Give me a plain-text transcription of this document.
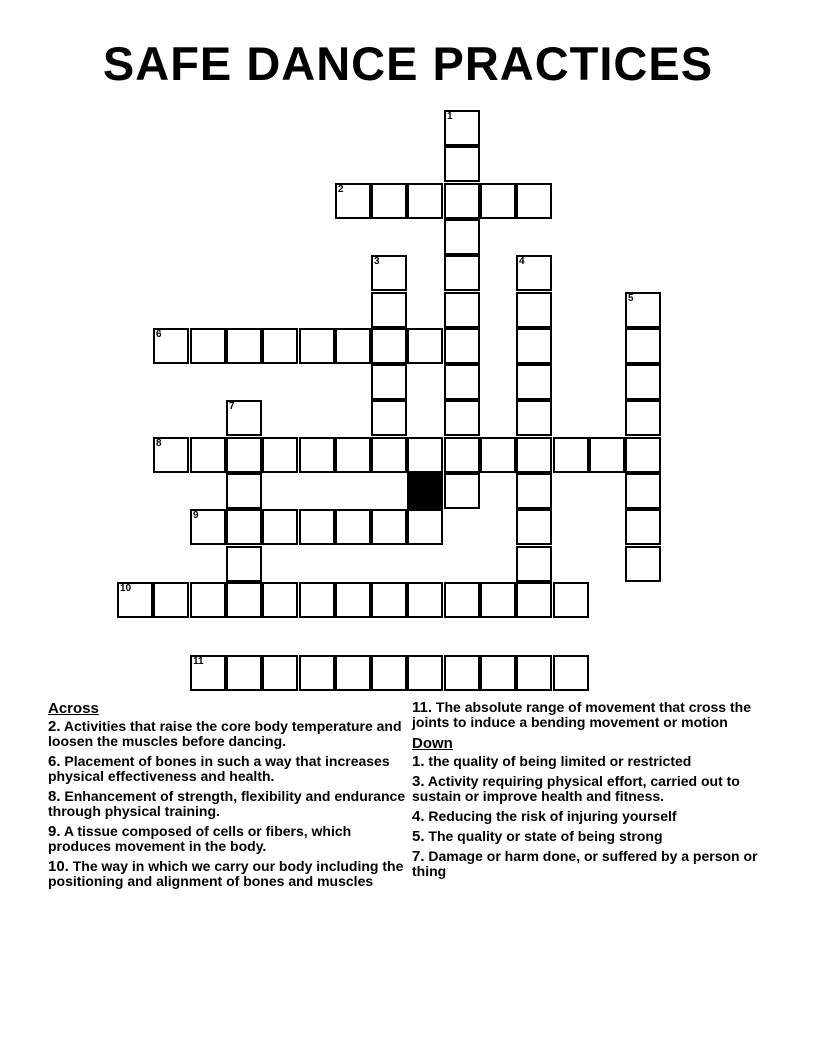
SAFE DANCE PRACTICES
1
2
3	4
5
6
7
8
9
10
11
Across
2. Activities that raise the core body temperature and loosen the muscles before dancing.
6. Placement of bones in such a way that increases physical effectiveness and health.
8. Enhancement of strength, flexibility and endurance through physical training.
9. A tissue composed of cells or fibers, which produces movement in the body.
10. The way in which we carry our body including the positioning and alignment of bones and muscles
11. The absolute range of movement that cross the joints to induce a bending movement or motion
Down
1. the quality of being limited or restricted
3. Activity requiring physical effort, carried out to sustain or improve health and fitness.
4. Reducing the risk of injuring yourself
5. The quality or state of being strong
7. Damage or harm done, or suffered by a person or thing
